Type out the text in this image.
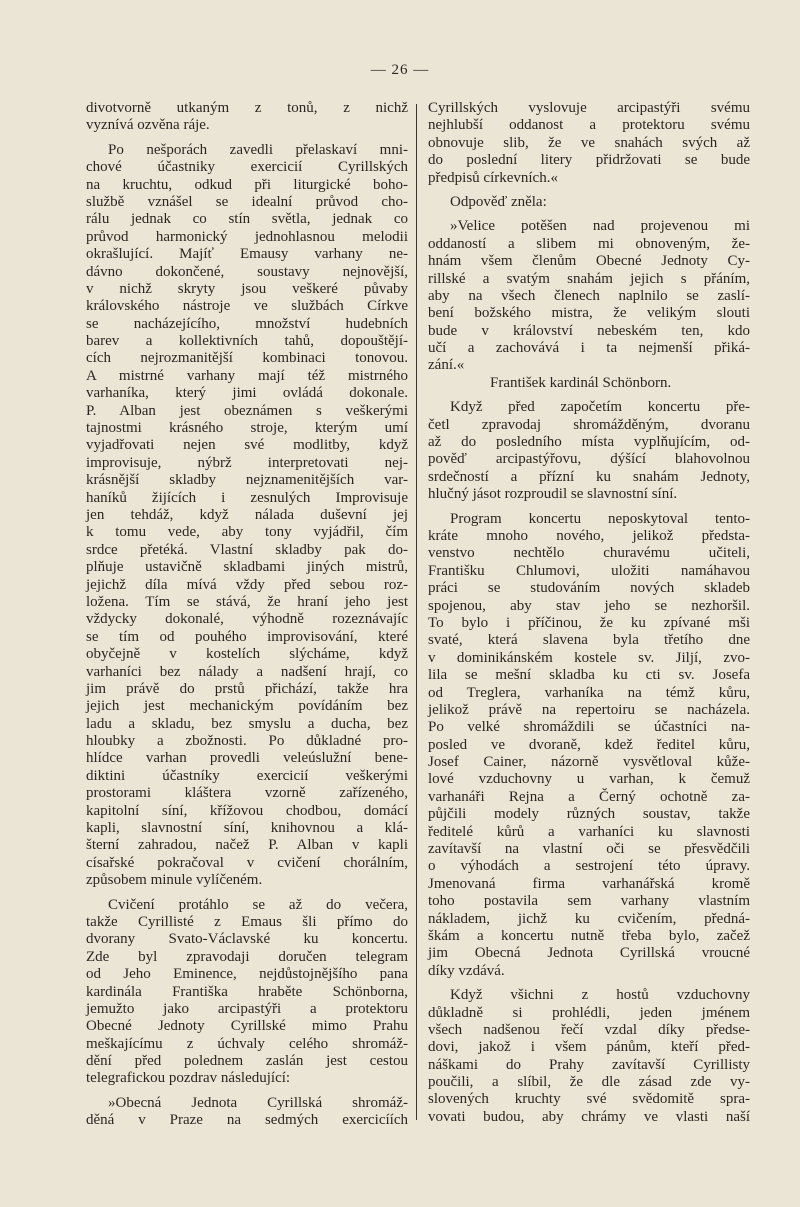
— 26 —
divotvorně utkaným z tonů, z nichž
vyznívá ozvěna ráje.
Po nešporách zavedli přelaskaví mni-
chové účastniky exercicií Cyrillských
na kruchtu, odkud při liturgické boho-
službě vznášel se idealní průvod cho-
rálu jednak co stín světla, jednak co
průvod harmonický jednohlasnou melodii
okrašlující. Majíť Emausy varhany ne-
dávno dokončené, soustavy nejnovější,
v nichž skryty jsou veškeré půvaby
královského nástroje ve službách Církve
se nacházejícího, množství hudebních
barev a kollektivních tahů, dopouštějí-
cích nejrozmanitější kombinaci tonovou.
A mistrné varhany mají též mistrného
varhaníka, který jimi ovládá dokonale.
P. Alban jest obeznámen s veškerými
tajnostmi krásného stroje, kterým umí
vyjadřovati nejen své modlitby, když
improvisuje, nýbrž interpretovati nej-
krásnější skladby nejznamenitějších var-
haníků žijících i zesnulých Improvisuje
jen tehdáž, když nálada duševní jej
k tomu vede, aby tony vyjádřil, čím
srdce přetéká. Vlastní skladby pak do-
plňuje ustavičně skladbami jiných mistrů,
jejichž díla mívá vždy před sebou roz-
ložena. Tím se stává, že hraní jeho jest
vždycky dokonalé, výhodně rozeznávajíc
se tím od pouhého improvisování, které
obyčejně v kostelích slýcháme, když
varhaníci bez nálady a nadšení hrají, co
jim právě do prstů přichází, takže hra
jejich jest mechanickým povídáním bez
ladu a skladu, bez smyslu a ducha, bez
hloubky a zbožnosti. Po důkladné pro-
hlídce varhan provedli veleúslužní bene-
diktini účastníky exercicií veškerými
prostorami kláštera vzorně zařízeného,
kapitolní síní, křížovou chodbou, domácí
kapli, slavnostní síní, knihovnou a klá-
šterní zahradou, načež P. Alban v kapli
císařské pokračoval v cvičení chorálním,
způsobem minule vylíčeném.
Cvičení protáhlo se až do večera,
takže Cyrillisté z Emaus šli přímo do
dvorany Svato-Václavské ku koncertu.
Zde byl zpravodaji doručen telegram
od Jeho Eminence, nejdůstojnějšího pana
kardinála Františka hraběte Schönborna,
jemužto jako arcipastýři a protektoru
Obecné Jednoty Cyrillské mimo Prahu
meškajícímu z úchvaly celého shromáž-
dění před polednem zaslán jest cestou
telegrafickou pozdrav následující:
»Obecná Jednota Cyrillská shromáž-
děná v Praze na sedmých exercicíích
Cyrillských vyslovuje arcipastýři svému
nejhlubší oddanost a protektoru svému
obnovuje slib, že ve snahách svých až
do poslední litery přidržovati se bude
předpisů církevních.«
Odpověď zněla:
»Velice potěšen nad projevenou mi
oddaností a slibem mi obnoveným, že-
hnám všem členům Obecné Jednoty Cy-
rillské a svatým snahám jejich s přáním,
aby na všech členech naplnilo se zaslí-
bení božského mistra, že velikým slouti
bude v království nebeském ten, kdo
učí a zachovává i ta nejmenší přiká-
zání.«
František kardinál Schönborn.
Když před započetím koncertu pře-
četl zpravodaj shromážděným, dvoranu
až do posledního místa vyplňujícím, od-
pověď arcipastýřovu, dýšící blahovolnou
srdečností a přízní ku snahám Jednoty,
hlučný jásot rozproudil se slavnostní síní.
Program koncertu neposkytoval tento-
kráte mnoho nového, jelikož předsta-
venstvo nechtělo churavému učiteli,
Františku Chlumovi, uložiti namáhavou
práci se studováním nových skladeb
spojenou, aby stav jeho se nezhoršil.
To bylo i příčinou, že ku zpívané mši
svaté, která slavena byla třetího dne
v dominikánském kostele sv. Jiljí, zvo-
lila se mešní skladba ku cti sv. Josefa
od Treglera, varhaníka na témž kůru,
jelikož právě na repertoiru se nacházela.
Po velké shromáždili se účastníci na-
posled ve dvoraně, kdež ředitel kůru,
Josef Cainer, názorně vysvětloval kůže-
lové vzduchovny u varhan, k čemuž
varhanáři Rejna a Černý ochotně za-
půjčili modely různých soustav, takže
ředitelé kůrů a varhaníci ku slavnosti
zavítavší na vlastní oči se přesvědčili
o výhodách a sestrojení této úpravy.
Jmenovaná firma varhanářská kromě
toho postavila sem varhany vlastním
nákladem, jichž ku cvičením, předná-
škám a koncertu nutně třeba bylo, začež
jim Obecná Jednota Cyrillská vroucné
díky vzdává.
Když všichni z hostů vzduchovny
důkladně si prohlédli, jeden jménem
všech nadšenou řečí vzdal díky předse-
dovi, jakož i všem pánům, kteří před-
náškami do Prahy zavítavší Cyrillisty
poučili, a slíbil, že dle zásad zde vy-
slovených kruchty své svědomitě spra-
vovati budou, aby chrámy ve vlasti naší
